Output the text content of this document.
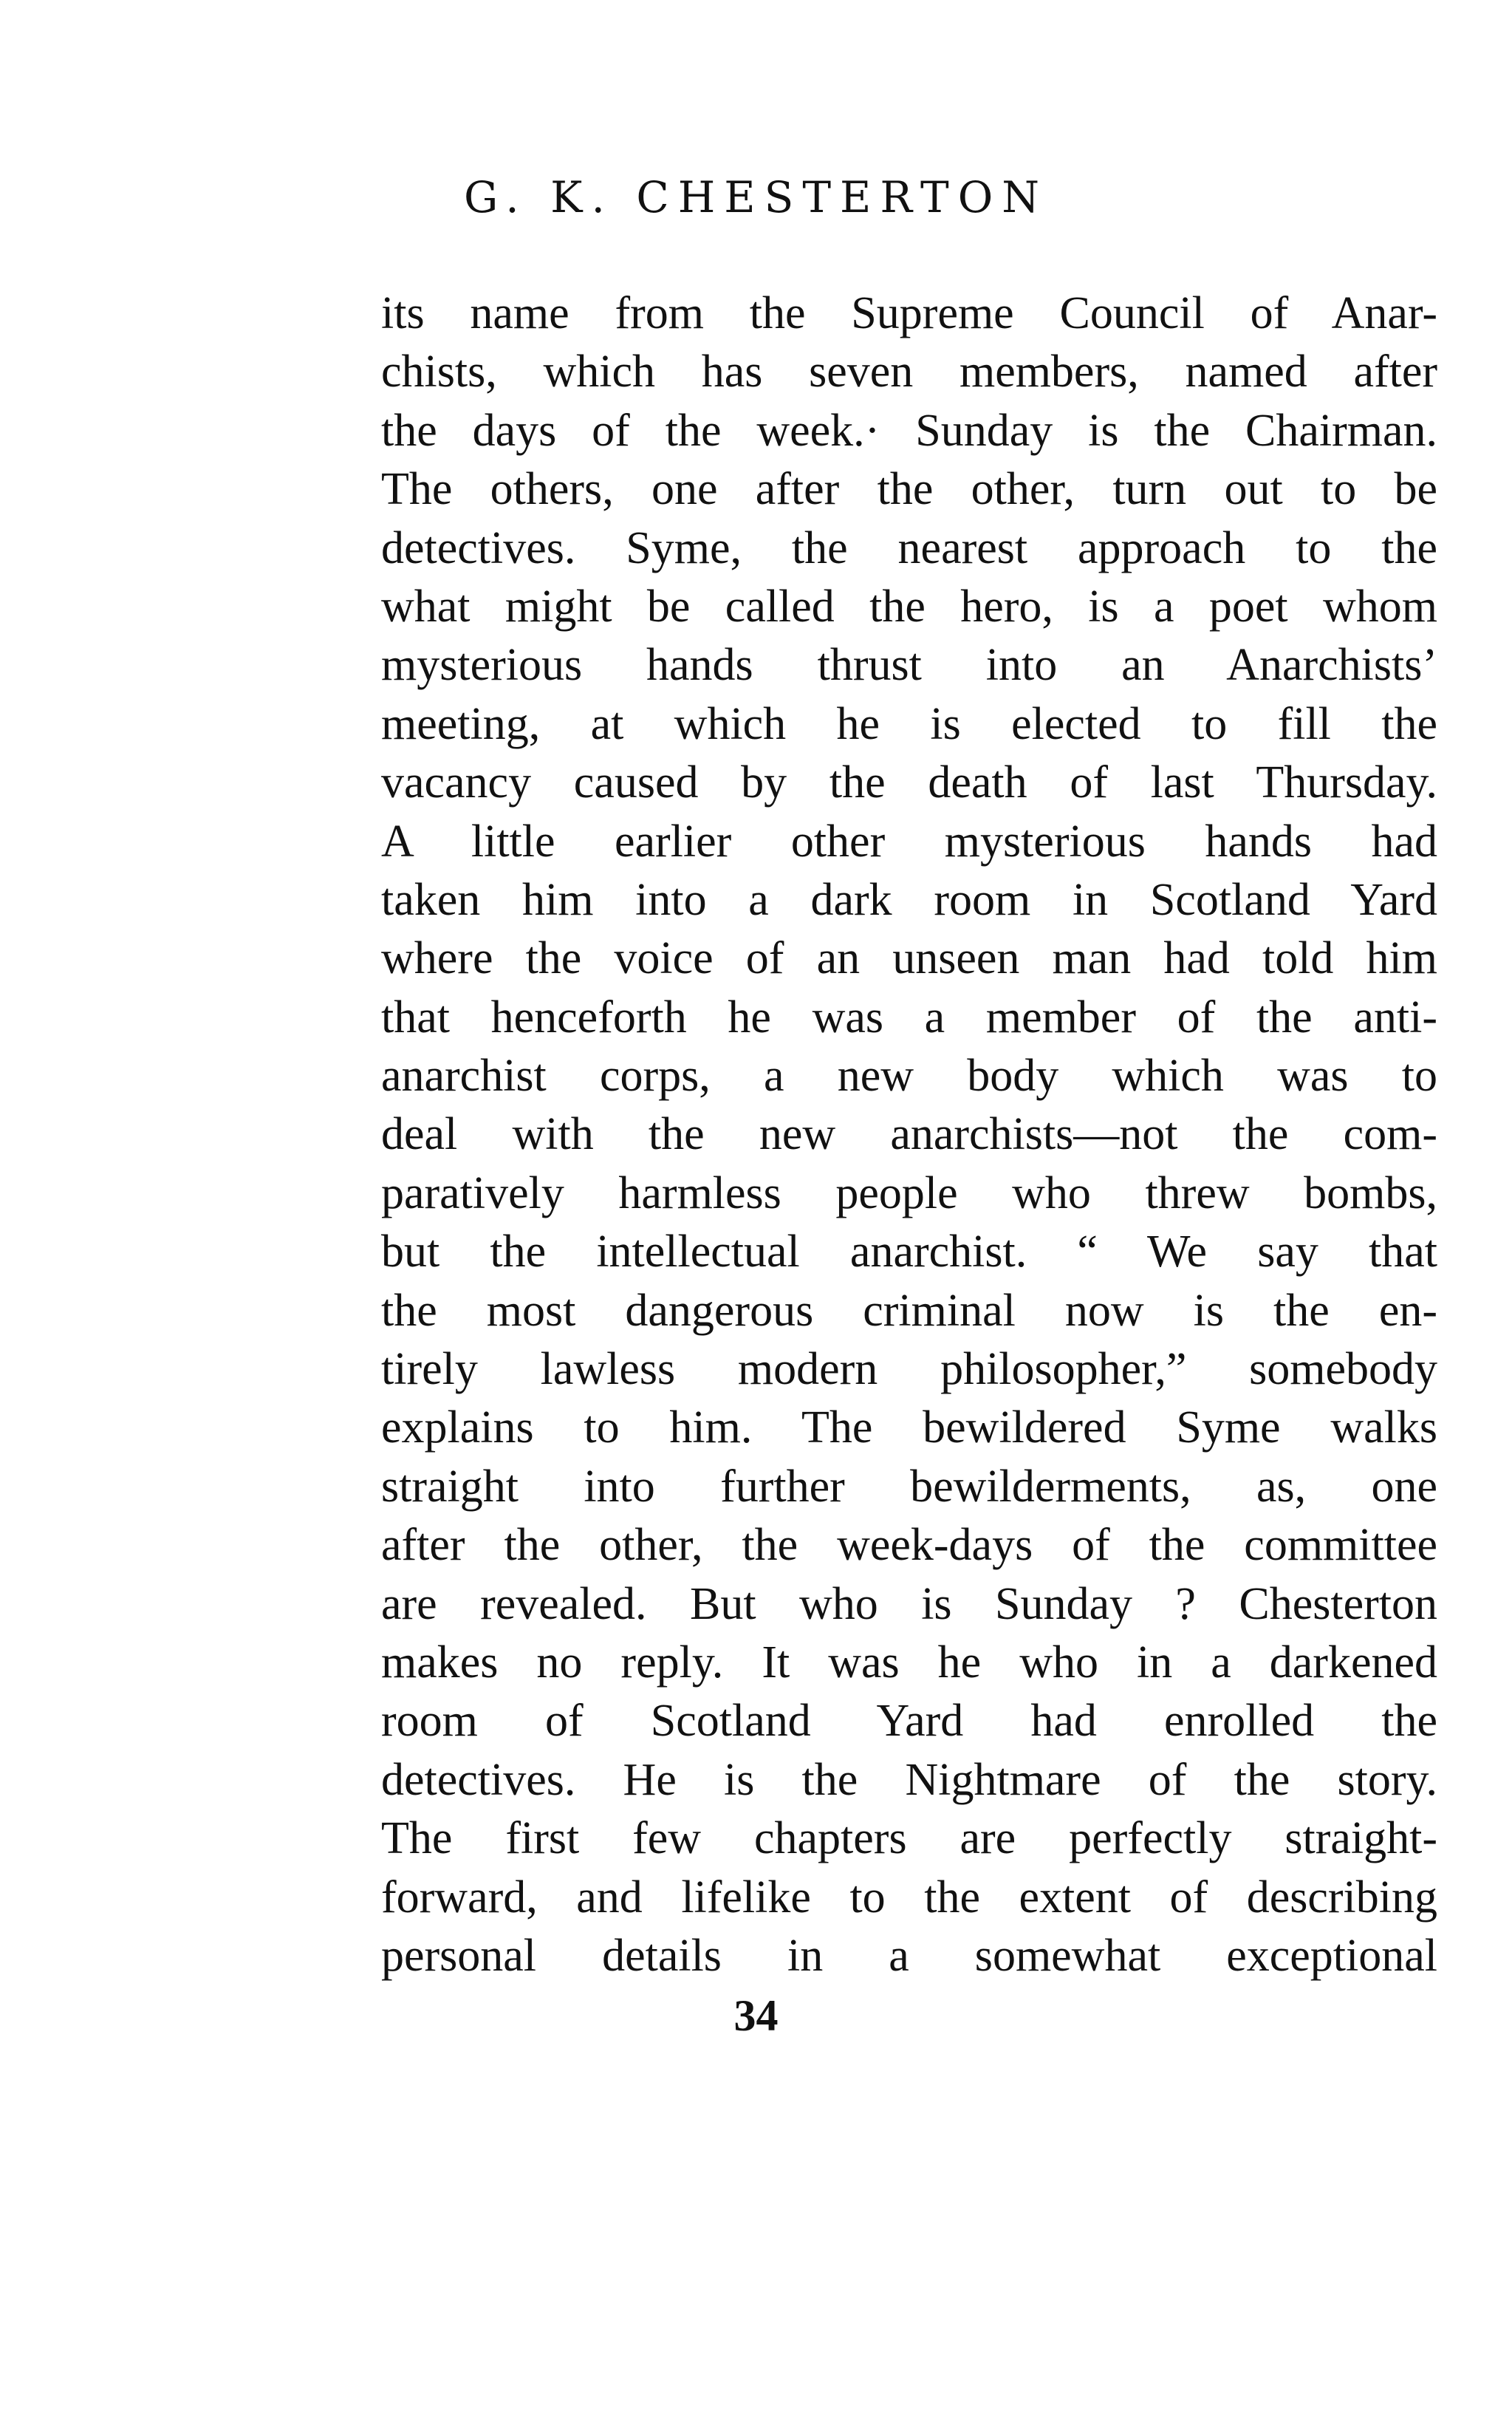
G. K. CHESTERTON
its name from the Supreme Council of Anar-
chists, which has seven members, named after
the days of the week.· Sunday is the Chairman.
The others, one after the other, turn out to be
detectives. Syme, the nearest approach to the
what might be called the hero, is a poet whom
mysterious hands thrust into an Anarchists’
meeting, at which he is elected to fill the
vacancy caused by the death of last Thursday.
A little earlier other mysterious hands had
taken him into a dark room in Scotland Yard
where the voice of an unseen man had told him
that henceforth he was a member of the anti-
anarchist corps, a new body which was to
deal with the new anarchists—not the com-
paratively harmless people who threw bombs,
but the intellectual anarchist. “ We say that
the most dangerous criminal now is the en-
tirely lawless modern philosopher,” somebody
explains to him. The bewildered Syme walks
straight into further bewilderments, as, one
after the other, the week-days of the committee
are revealed. But who is Sunday ? Chesterton
makes no reply. It was he who in a darkened
room of Scotland Yard had enrolled the
detectives. He is the Nightmare of the story.
The first few chapters are perfectly straight-
forward, and lifelike to the extent of describing
personal details in a somewhat exceptional
34
